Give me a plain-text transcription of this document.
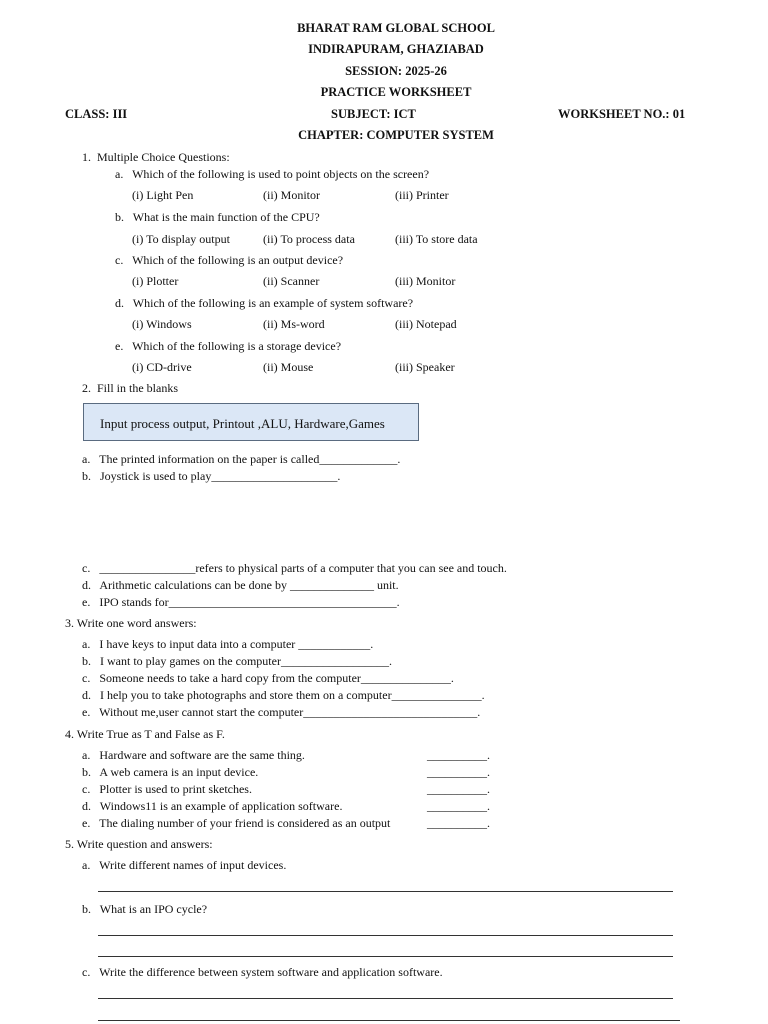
BHARAT RAM GLOBAL SCHOOL
INDIRAPURAM, GHAZIABAD
SESSION: 2025-26
PRACTICE WORKSHEET
CLASS: III	SUBJECT: ICT	WORKSHEET NO.: 01
CHAPTER: COMPUTER SYSTEM
1.  Multiple Choice Questions:
a.   Which of the following is used to point objects on the screen?
(i) Light Pen	(ii) Monitor	(iii) Printer
b.   What is the main function of the CPU?
(i) To display output	(ii) To process data	(iii) To store data
c.   Which of the following is an output device?
(i) Plotter	(ii) Scanner	(iii) Monitor
d.   Which of the following is an example of system software?
(i) Windows	(ii) Ms-word	(iii) Notepad
e.   Which of the following is a storage device?
(i) CD-drive	(ii) Mouse	(iii) Speaker
2.  Fill in the blanks
Input process output, Printout ,ALU, Hardware,Games
a.   The printed information on the paper is called_____________.
b.   Joystick is used to play_____________________.
c.   ________________refers to physical parts of a computer that you can see and touch.
d.   Arithmetic calculations can be done by ______________ unit.
e.   IPO stands for______________________________________.
3. Write one word answers:
a.   I have keys to input data into a computer ____________.
b.   I want to play games on the computer__________________.
c.   Someone needs to take a hard copy from the computer_______________.
d.   I help you to take photographs and store them on a computer_______________.
e.   Without me,user cannot start the computer_____________________________.
4. Write True as T and False as F.
a.   Hardware and software are the same thing.	__________.
b.   A web camera is an input device.	__________.
c.   Plotter is used to print sketches.	__________.
d.   Windows11 is an example of application software.	__________.
e.   The dialing number of your friend is considered as an output	__________.
5. Write question and answers:
a.   Write different names of input devices.
b.   What is an IPO cycle?
c.   Write the difference between system software and application software.
